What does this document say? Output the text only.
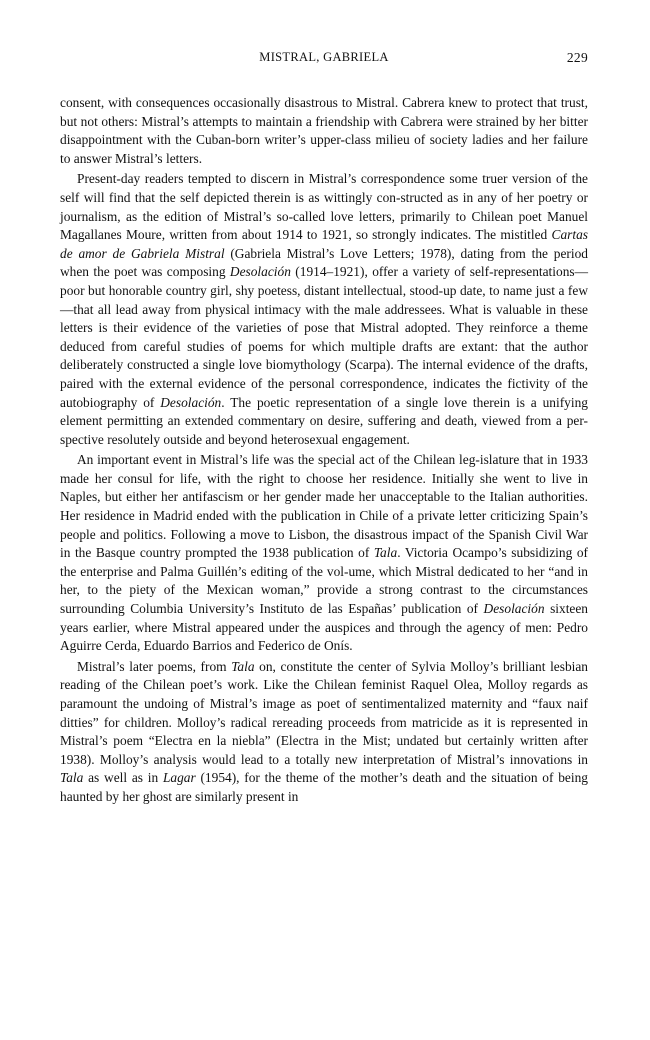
MISTRAL, GABRIELA	229

consent, with consequences occasionally disastrous to Mistral. Cabrera knew to protect that trust, but not others: Mistral’s attempts to maintain a friendship with Cabrera were strained by her bitter disappointment with the Cuban-born writer’s upper-class milieu of society ladies and her failure to answer Mistral’s letters.

Present-day readers tempted to discern in Mistral’s correspondence some truer version of the self will find that the self depicted therein is as wittingly con-structed as in any of her poetry or journalism, as the edition of Mistral’s so-called love letters, primarily to Chilean poet Manuel Magallanes Moure, written from about 1914 to 1921, so strongly indicates. The mistitled Cartas de amor de Gabriela Mistral (Gabriela Mistral’s Love Letters; 1978), dating from the period when the poet was composing Desolación (1914–1921), offer a variety of self-representations—poor but honorable country girl, shy poetess, distant intellectual, stood-up date, to name just a few—that all lead away from physical intimacy with the male addressees. What is valuable in these letters is their evidence of the varieties of pose that Mistral adopted. They reinforce a theme deduced from careful studies of poems for which multiple drafts are extant: that the author deliberately constructed a single love biomythology (Scarpa). The internal evidence of the drafts, paired with the external evidence of the personal correspondence, indicates the fictivity of the autobiography of Desolación. The poetic representation of a single love therein is a unifying element permitting an extended commentary on desire, suffering and death, viewed from a per-spective resolutely outside and beyond heterosexual engagement.

An important event in Mistral’s life was the special act of the Chilean leg-islature that in 1933 made her consul for life, with the right to choose her residence. Initially she went to live in Naples, but either her antifascism or her gender made her unacceptable to the Italian authorities. Her residence in Madrid ended with the publication in Chile of a private letter criticizing Spain’s people and politics. Following a move to Lisbon, the disastrous impact of the Spanish Civil War in the Basque country prompted the 1938 publication of Tala. Victoria Ocampo’s subsidizing of the enterprise and Palma Guillén’s editing of the vol-ume, which Mistral dedicated to her “and in her, to the piety of the Mexican woman,” provide a strong contrast to the circumstances surrounding Columbia University’s Instituto de las Españas’ publication of Desolación sixteen years earlier, where Mistral appeared under the auspices and through the agency of men: Pedro Aguirre Cerda, Eduardo Barrios and Federico de Onís.

Mistral’s later poems, from Tala on, constitute the center of Sylvia Molloy’s brilliant lesbian reading of the Chilean poet’s work. Like the Chilean feminist Raquel Olea, Molloy regards as paramount the undoing of Mistral’s image as poet of sentimentalized maternity and “faux naif ditties” for children. Molloy’s radical rereading proceeds from matricide as it is represented in Mistral’s poem “Electra en la niebla” (Electra in the Mist; undated but certainly written after 1938). Molloy’s analysis would lead to a totally new interpretation of Mistral’s innovations in Tala as well as in Lagar (1954), for the theme of the mother’s death and the situation of being haunted by her ghost are similarly present in
